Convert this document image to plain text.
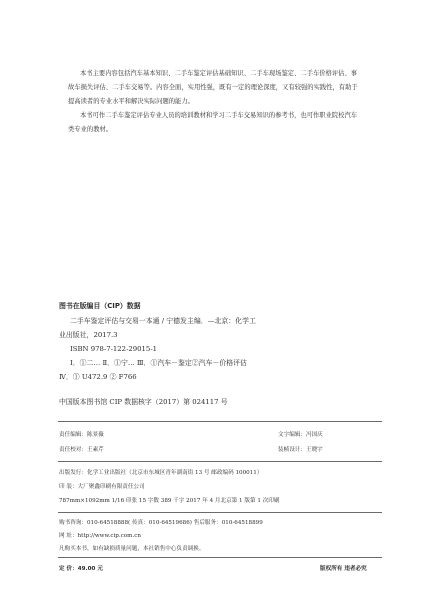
本书主要内容包括汽车基本知识、二手车鉴定评估基础知识、二手车现场鉴定、二手车价格评估、事
故车损失评估、二手车交易等。内容全面，实用性强，既有一定的理论深度，又有较强的实践性，有助于
提高读者的专业水平和解决实际问题的能力。
本书可作二手车鉴定评估专业人员的培训教材和学习二手车交易知识的参考书，也可作职业院校汽车
类专业的教材。
图书在版编目（CIP）数据
二手车鉴定评估与交易一本通 / 宁德发主编．—北京：化学工
业出版社，2017.3
ISBN 978-7-122-29015-1
Ⅰ．①二… Ⅱ．①宁… Ⅲ．①汽车－鉴定②汽车－价格评估
Ⅳ．① U472.9 ② F766
中国版本图书馆 CIP 数据核字（2017）第 024117 号
责任编辑：陈景薇	文字编辑：冯国庆
责任校对：王素芹	装帧设计：王晓宇
出版发行：化学工业出版社（北京市东城区青年湖南街 13 号 邮政编码 100011）
印 装：大厂聚鑫印刷有限责任公司
787mm×1092mm 1/16 印张 15 字数 389 千字 2017 年 4 月北京第 1 版第 1 次印刷
购书咨询：010-64518888( 传真：010-64519686) 售后服务：010-64518899
网 址：http://www.cip.com.cn
凡购买本书，如有缺损质量问题，本社销售中心负责调换。
定 价：49.00 元	版权所有 违者必究
